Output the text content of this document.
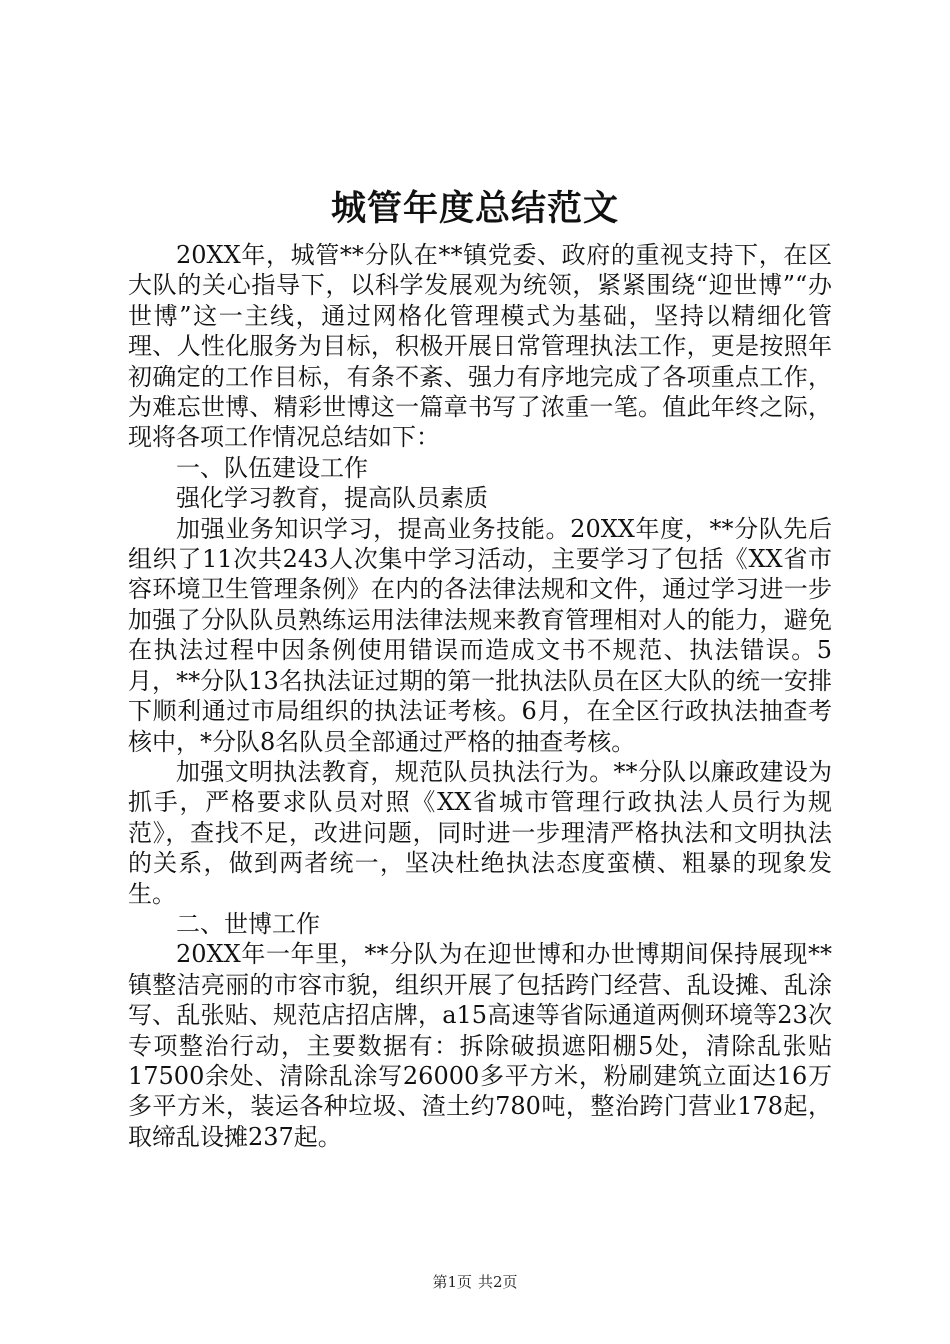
城管年度总结范文

20XX年，城管**分队在**镇党委、政府的重视支持下，在区大队的关心指导下，以科学发展观为统领，紧紧围绕“迎世博”“办世博”这一主线，通过网格化管理模式为基础，坚持以精细化管理、人性化服务为目标，积极开展日常管理执法工作，更是按照年初确定的工作目标，有条不紊、强力有序地完成了各项重点工作，为难忘世博、精彩世博这一篇章书写了浓重一笔。值此年终之际，现将各项工作情况总结如下：

一、队伍建设工作

强化学习教育，提高队员素质

加强业务知识学习，提高业务技能。20XX年度，**分队先后组织了11次共243人次集中学习活动，主要学习了包括《XX省市容环境卫生管理条例》在内的各法律法规和文件，通过学习进一步加强了分队队员熟练运用法律法规来教育管理相对人的能力，避免在执法过程中因条例使用错误而造成文书不规范、执法错误。5月，**分队13名执法证过期的第一批执法队员在区大队的统一安排下顺利通过市局组织的执法证考核。6月，在全区行政执法抽查考核中，*分队8名队员全部通过严格的抽查考核。

加强文明执法教育，规范队员执法行为。**分队以廉政建设为抓手，严格要求队员对照《XX省城市管理行政执法人员行为规范》，查找不足，改进问题，同时进一步理清严格执法和文明执法的关系，做到两者统一，坚决杜绝执法态度蛮横、粗暴的现象发生。

二、世博工作

20XX年一年里，**分队为在迎世博和办世博期间保持展现**镇整洁亮丽的市容市貌，组织开展了包括跨门经营、乱设摊、乱涂写、乱张贴、规范店招店牌，a15高速等省际通道两侧环境等23次专项整治行动，主要数据有：拆除破损遮阳棚5处，清除乱张贴17500余处、清除乱涂写26000多平方米，粉刷建筑立面达16万多平方米，装运各种垃圾、渣土约780吨，整治跨门营业178起，取缔乱设摊237起。

第1页 共2页
